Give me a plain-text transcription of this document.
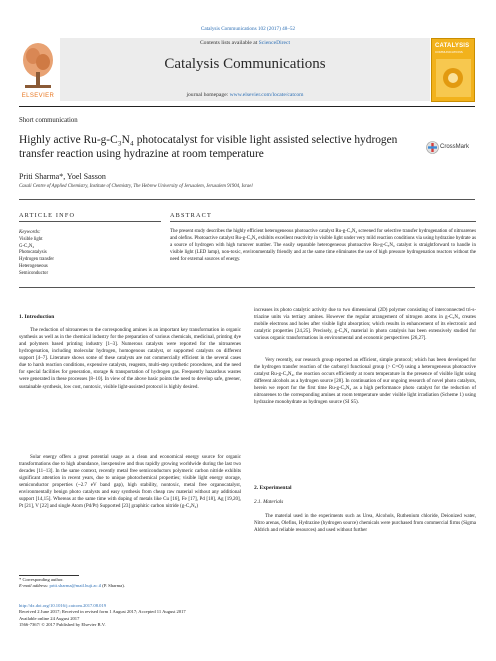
Catalysis Communications 102 (2017) 48–52
Contents lists available at ScienceDirect
Catalysis Communications
journal homepage: www.elsevier.com/locate/catcom
ELSEVIER
CATALYSIS
COMMUNICATIONS
Short communication
Highly active Ru-g-C₃N₄ photocatalyst for visible light assisted selective hydrogen transfer reaction using hydrazine at room temperature
CrossMark
Priti Sharma*, Yoel Sasson
Casali Centre of Applied Chemistry, Institute of Chemistry, The Hebrew University of Jerusalem, Jerusalem 91904, Israel
ARTICLE INFO	ABSTRACT
Keywords:
Visible light
G-C₃N₄
Photocatalysis
Hydrogen transfer
Heterogeneous
Semiconductor
The present study describes the highly efficient heterogeneous photoactive catalyst Ru-g-C₃N₄ screened for selective transfer hydrogenation of nitroarenes and olefins. Photoactive catalyst Ru-g-C₃N₄ exhibits excellent reactivity in visible light under very mild reaction conditions via using hydrazine hydrate as a source of hydrogen with high turnover number. The easily separable heterogeneous photoactive Ru-g-C₃N₄ catalyst is straightforward to handle in visible light (LED lamp), non-toxic, environmentally friendly and at the same time eliminates the use of high pressure hydrogenation reactors without the need for external sources of energy.
1. Introduction
The reduction of nitroarenes to the corresponding amines is an important key transformation in organic synthesis as well as in the chemical industry for the preparation of various chemicals, medicinal, printing dye and polymers based printing industry [1–3]. Numerous catalysts were reported for the nitroarenes hydrogenation, including molecular hydrogen, homogenous catalyst, or supported catalysts on different support [4–7]. Literature shows some of these catalysts are not commercially efficient in the several cases due to harsh reaction conditions, expensive catalysts, reagents, multi-step synthetic procedures, and the need for special facilities for generation, storage & transportation of hydrogen gas. Frequently hazardous wastes were generated in these processes [8–10]. In view of the above basic points the need to develop safe, greener, sustainable synthesis, low cost, nontoxic, visible light-assisted protocol is highly desired.
Solar energy offers a great potential usage as a clean and economical energy source for organic transformations due to high abundance, inexpensive and thus rapidly growing worldwide during the last two decades [11–13]. In the same context, recently metal free semiconductors polymeric carbon nitride exhibits significant attention in recent years, due to unique photochemical properties; visible light energy storage, semiconductor properties (~2.7 eV band gap), high stability, nontoxic, metal free organocatalyst, environmentally benign photo catalysts and easy synthesis from cheap raw material without any additional support [14,15]. Whereas at the same time with doping of metals like Cu [16], Fe [17], Pd [18], Ag [19,20], Pt [21], V [22] and single Atom (Pd/Pt) Supported [23] graphitic carbon nitride (g-C₃N₄)
increases its photo catalytic activity due to two dimensional (2D) polymer consisting of interconnected tri-s-triazine units via tertiary amines. However the regular arrangement of nitrogen atoms in g-C₃N₄ creates mobile electrons and holes after visible light absorption; which results in enhancement of its electronic and catalytic properties [24,25]. Precisely, g-C₃N₄ material in photo catalysis has been extensively studied for various organic transformations in environmental and economic perspectives [26,27].
Very recently, our research group reported an efficient, simple protocol; which has been developed for the hydrogen transfer reaction of the carbonyl functional group (> C=O) using a heterogeneous photoactive catalyst Ru-g-C₃N₄, the reaction occurs efficiently at room temperature in the presence of visible light using different alcohols as a hydrogen source [28]. In continuation of our ongoing research of novel photo catalysts, herein we report for the first time Ru-g-C₃N₄ as a high performance photo catalyst for the reduction of nitroarenes to the corresponding amines at room temperature under visible light irradiation (Scheme 1) using hydrazine monohydrate as hydrogen source (SI S5).
2. Experimental
2.1. Materials
The material used in the experiments such as Urea, Alcohols, Ruthenium chloride, Deionized water, Nitro arenas, Olefins, Hydrazine (hydrogen source) chemicals were purchased from commercial firms (Sigma Aldrich and reliable resources) and used without further
* Corresponding author.
E-mail address: priti.sharma@mail.huji.ac.il (P. Sharma).
http://dx.doi.org/10.1016/j.catcom.2017.08.019
Received 2 June 2017; Received in revised form 1 August 2017; Accepted 11 August 2017
Available online 24 August 2017
1566-7367/ © 2017 Published by Elsevier B.V.
